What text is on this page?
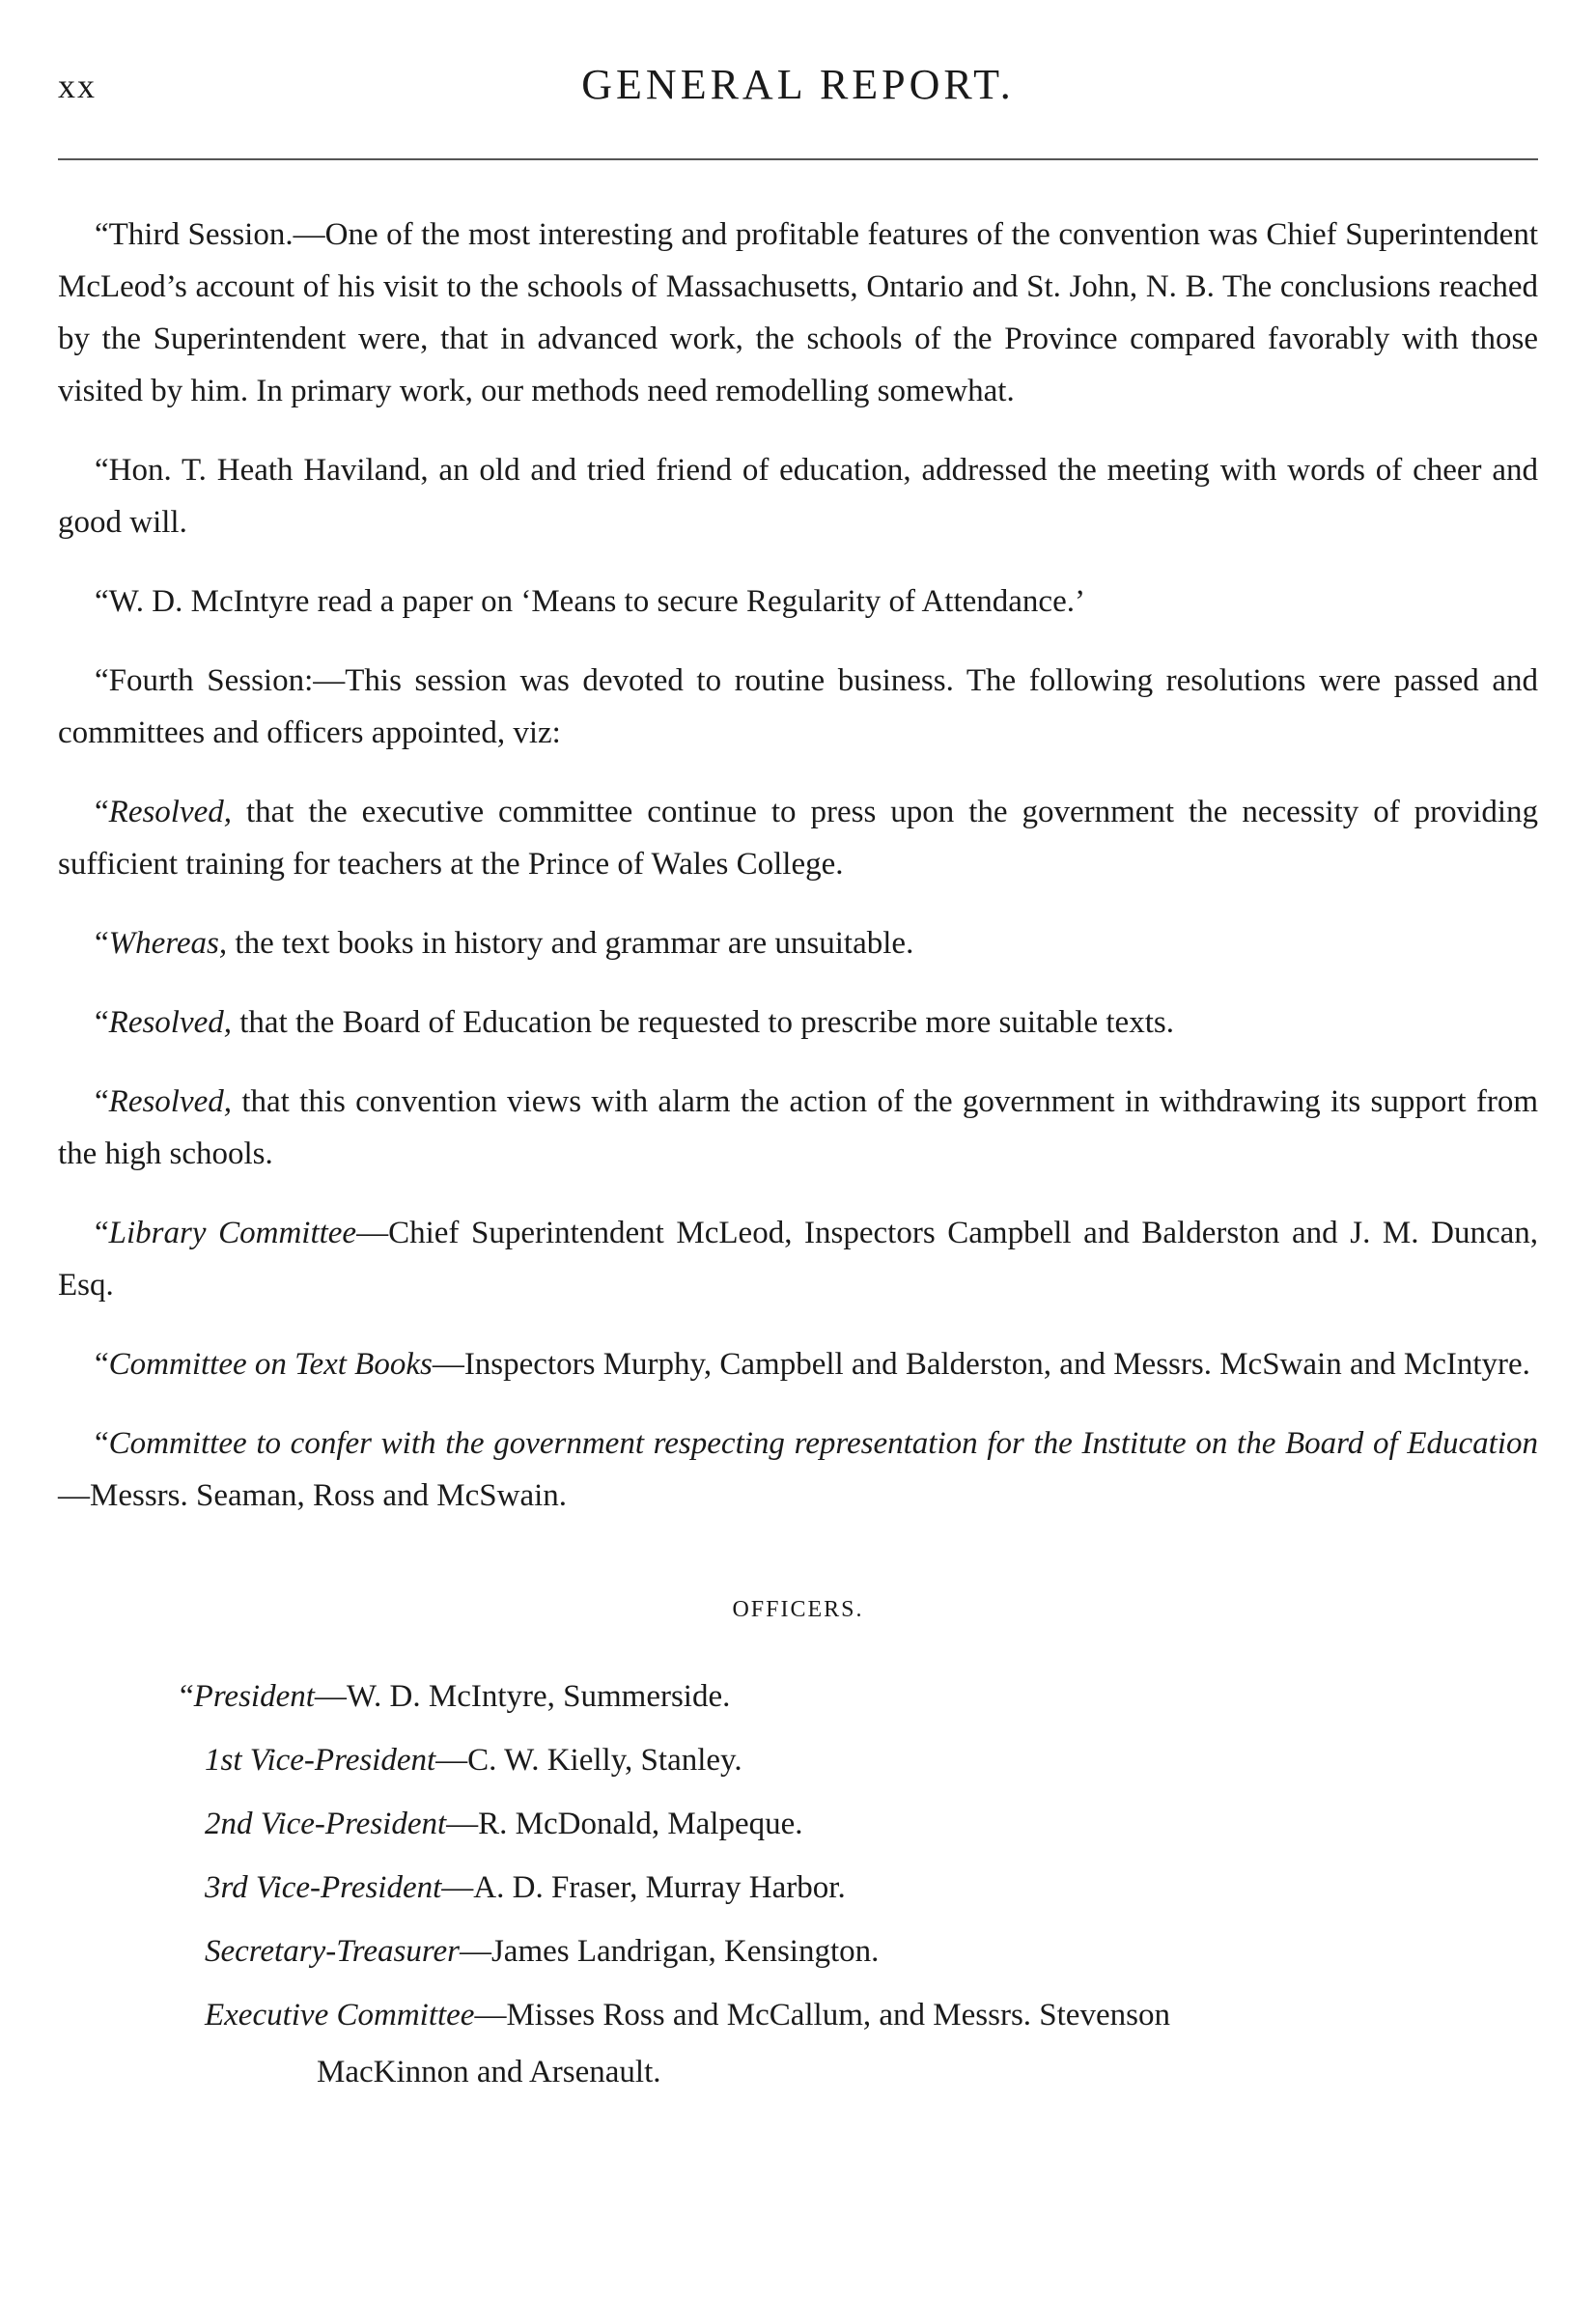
xx	GENERAL REPORT.

“Third Session.—One of the most interesting and profitable features of the convention was Chief Superintendent McLeod’s account of his visit to the schools of Massachusetts, Ontario and St. John, N. B. The conclusions reached by the Superintendent were, that in advanced work, the schools of the Province compared favorably with those visited by him. In primary work, our methods need remodelling somewhat.

“Hon. T. Heath Haviland, an old and tried friend of education, addressed the meeting with words of cheer and good will.

“W. D. McIntyre read a paper on ‘Means to secure Regularity of Attendance.’

“Fourth Session:—This session was devoted to routine business. The following resolutions were passed and committees and officers appointed, viz:

“Resolved, that the executive committee continue to press upon the government the necessity of providing sufficient training for teachers at the Prince of Wales College.

“Whereas, the text books in history and grammar are unsuitable.

“Resolved, that the Board of Education be requested to prescribe more suitable texts.

“Resolved, that this convention views with alarm the action of the government in withdrawing its support from the high schools.

“Library Committee—Chief Superintendent McLeod, Inspectors Campbell and Balderston and J. M. Duncan, Esq.

“Committee on Text Books—Inspectors Murphy, Campbell and Balderston, and Messrs. McSwain and McIntyre.

“Committee to confer with the government respecting representation for the Institute on the Board of Education—Messrs. Seaman, Ross and McSwain.

OFFICERS.

“President—W. D. McIntyre, Summerside.

1st Vice-President—C. W. Kielly, Stanley.

2nd Vice-President—R. McDonald, Malpeque.

3rd Vice-President—A. D. Fraser, Murray Harbor.

Secretary-Treasurer—James Landrigan, Kensington.

Executive Committee—Misses Ross and McCallum, and Messrs. Stevenson
MacKinnon and Arsenault.
